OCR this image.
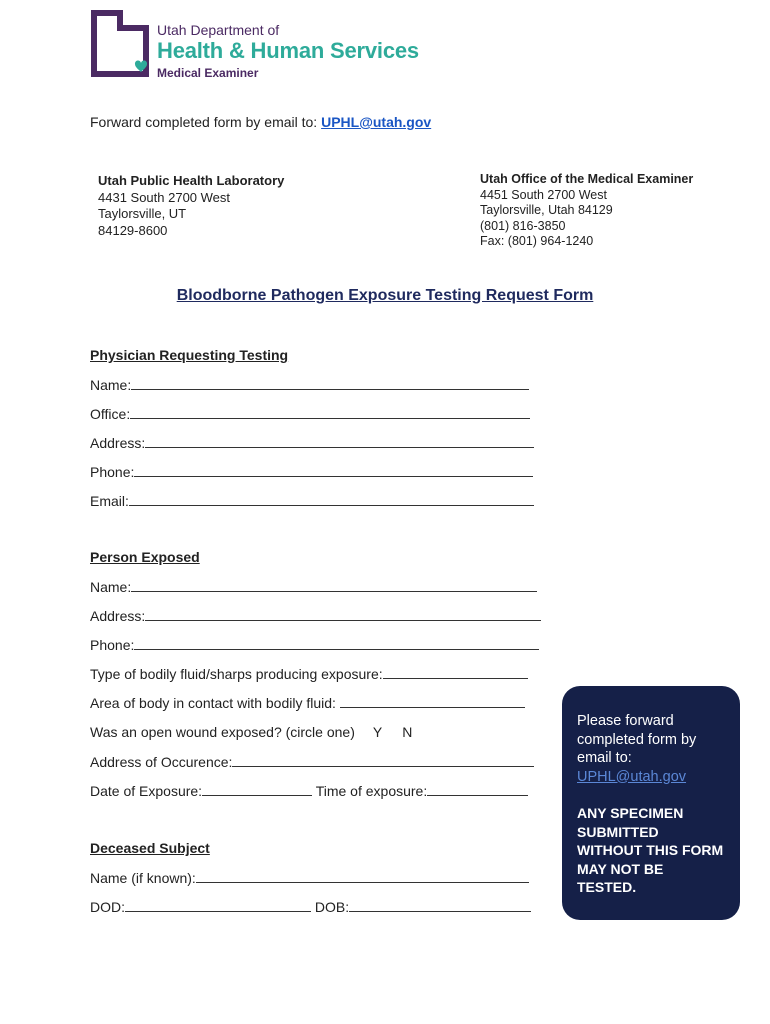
Utah Department of
Health & Human Services
Medical Examiner
Forward completed form by email to: UPHL@utah.gov
Utah Public Health Laboratory
4431 South 2700 West
Taylorsville, UT
84129-8600
Utah Office of the Medical Examiner
4451 South 2700 West
Taylorsville, Utah 84129
(801) 816-3850
Fax: (801) 964-1240
Bloodborne Pathogen Exposure Testing Request Form
Physician Requesting Testing
Name:
Office:
Address:
Phone:
Email:
Person Exposed
Name:
Address:
Phone:
Type of bodily fluid/sharps producing exposure:
Area of body in contact with bodily fluid:
Was an open wound exposed? (circle one) Y N
Address of Occurence:
Date of Exposure:	Time of exposure:
Deceased Subject
Name (if known):
DOD:	DOB:
Please forward completed form by email to:
UPHL@utah.gov
ANY SPECIMEN SUBMITTED WITHOUT THIS FORM MAY NOT BE TESTED.
